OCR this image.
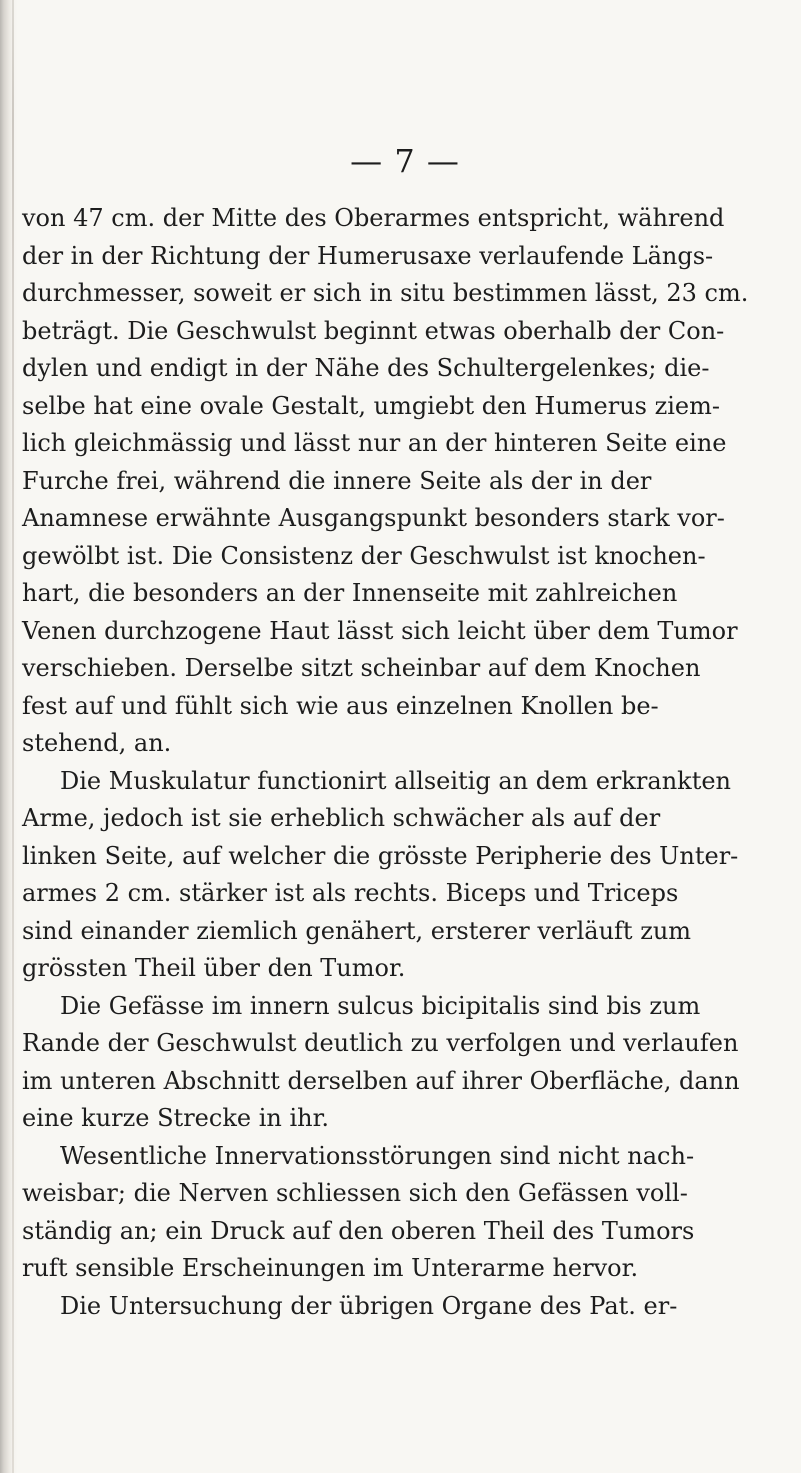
— 7 —
von 47 cm. der Mitte des Oberarmes entspricht, während
der in der Richtung der Humerusaxe verlaufende Längs-
durchmesser, soweit er sich in situ bestimmen lässt, 23 cm.
beträgt. Die Geschwulst beginnt etwas oberhalb der Con-
dylen und endigt in der Nähe des Schultergelenkes; die-
selbe hat eine ovale Gestalt, umgiebt den Humerus ziem-
lich gleichmässig und lässt nur an der hinteren Seite eine
Furche frei, während die innere Seite als der in der
Anamnese erwähnte Ausgangspunkt besonders stark vor-
gewölbt ist. Die Consistenz der Geschwulst ist knochen-
hart, die besonders an der Innenseite mit zahlreichen
Venen durchzogene Haut lässt sich leicht über dem Tumor
verschieben. Derselbe sitzt scheinbar auf dem Knochen
fest auf und fühlt sich wie aus einzelnen Knollen be-
stehend, an.
Die Muskulatur functionirt allseitig an dem erkrankten
Arme, jedoch ist sie erheblich schwächer als auf der
linken Seite, auf welcher die grösste Peripherie des Unter-
armes 2 cm. stärker ist als rechts. Biceps und Triceps
sind einander ziemlich genähert, ersterer verläuft zum
grössten Theil über den Tumor.
Die Gefässe im innern sulcus bicipitalis sind bis zum
Rande der Geschwulst deutlich zu verfolgen und verlaufen
im unteren Abschnitt derselben auf ihrer Oberfläche, dann
eine kurze Strecke in ihr.
Wesentliche Innervationsstörungen sind nicht nach-
weisbar; die Nerven schliessen sich den Gefässen voll-
ständig an; ein Druck auf den oberen Theil des Tumors
ruft sensible Erscheinungen im Unterarme hervor.
Die Untersuchung der übrigen Organe des Pat. er-
